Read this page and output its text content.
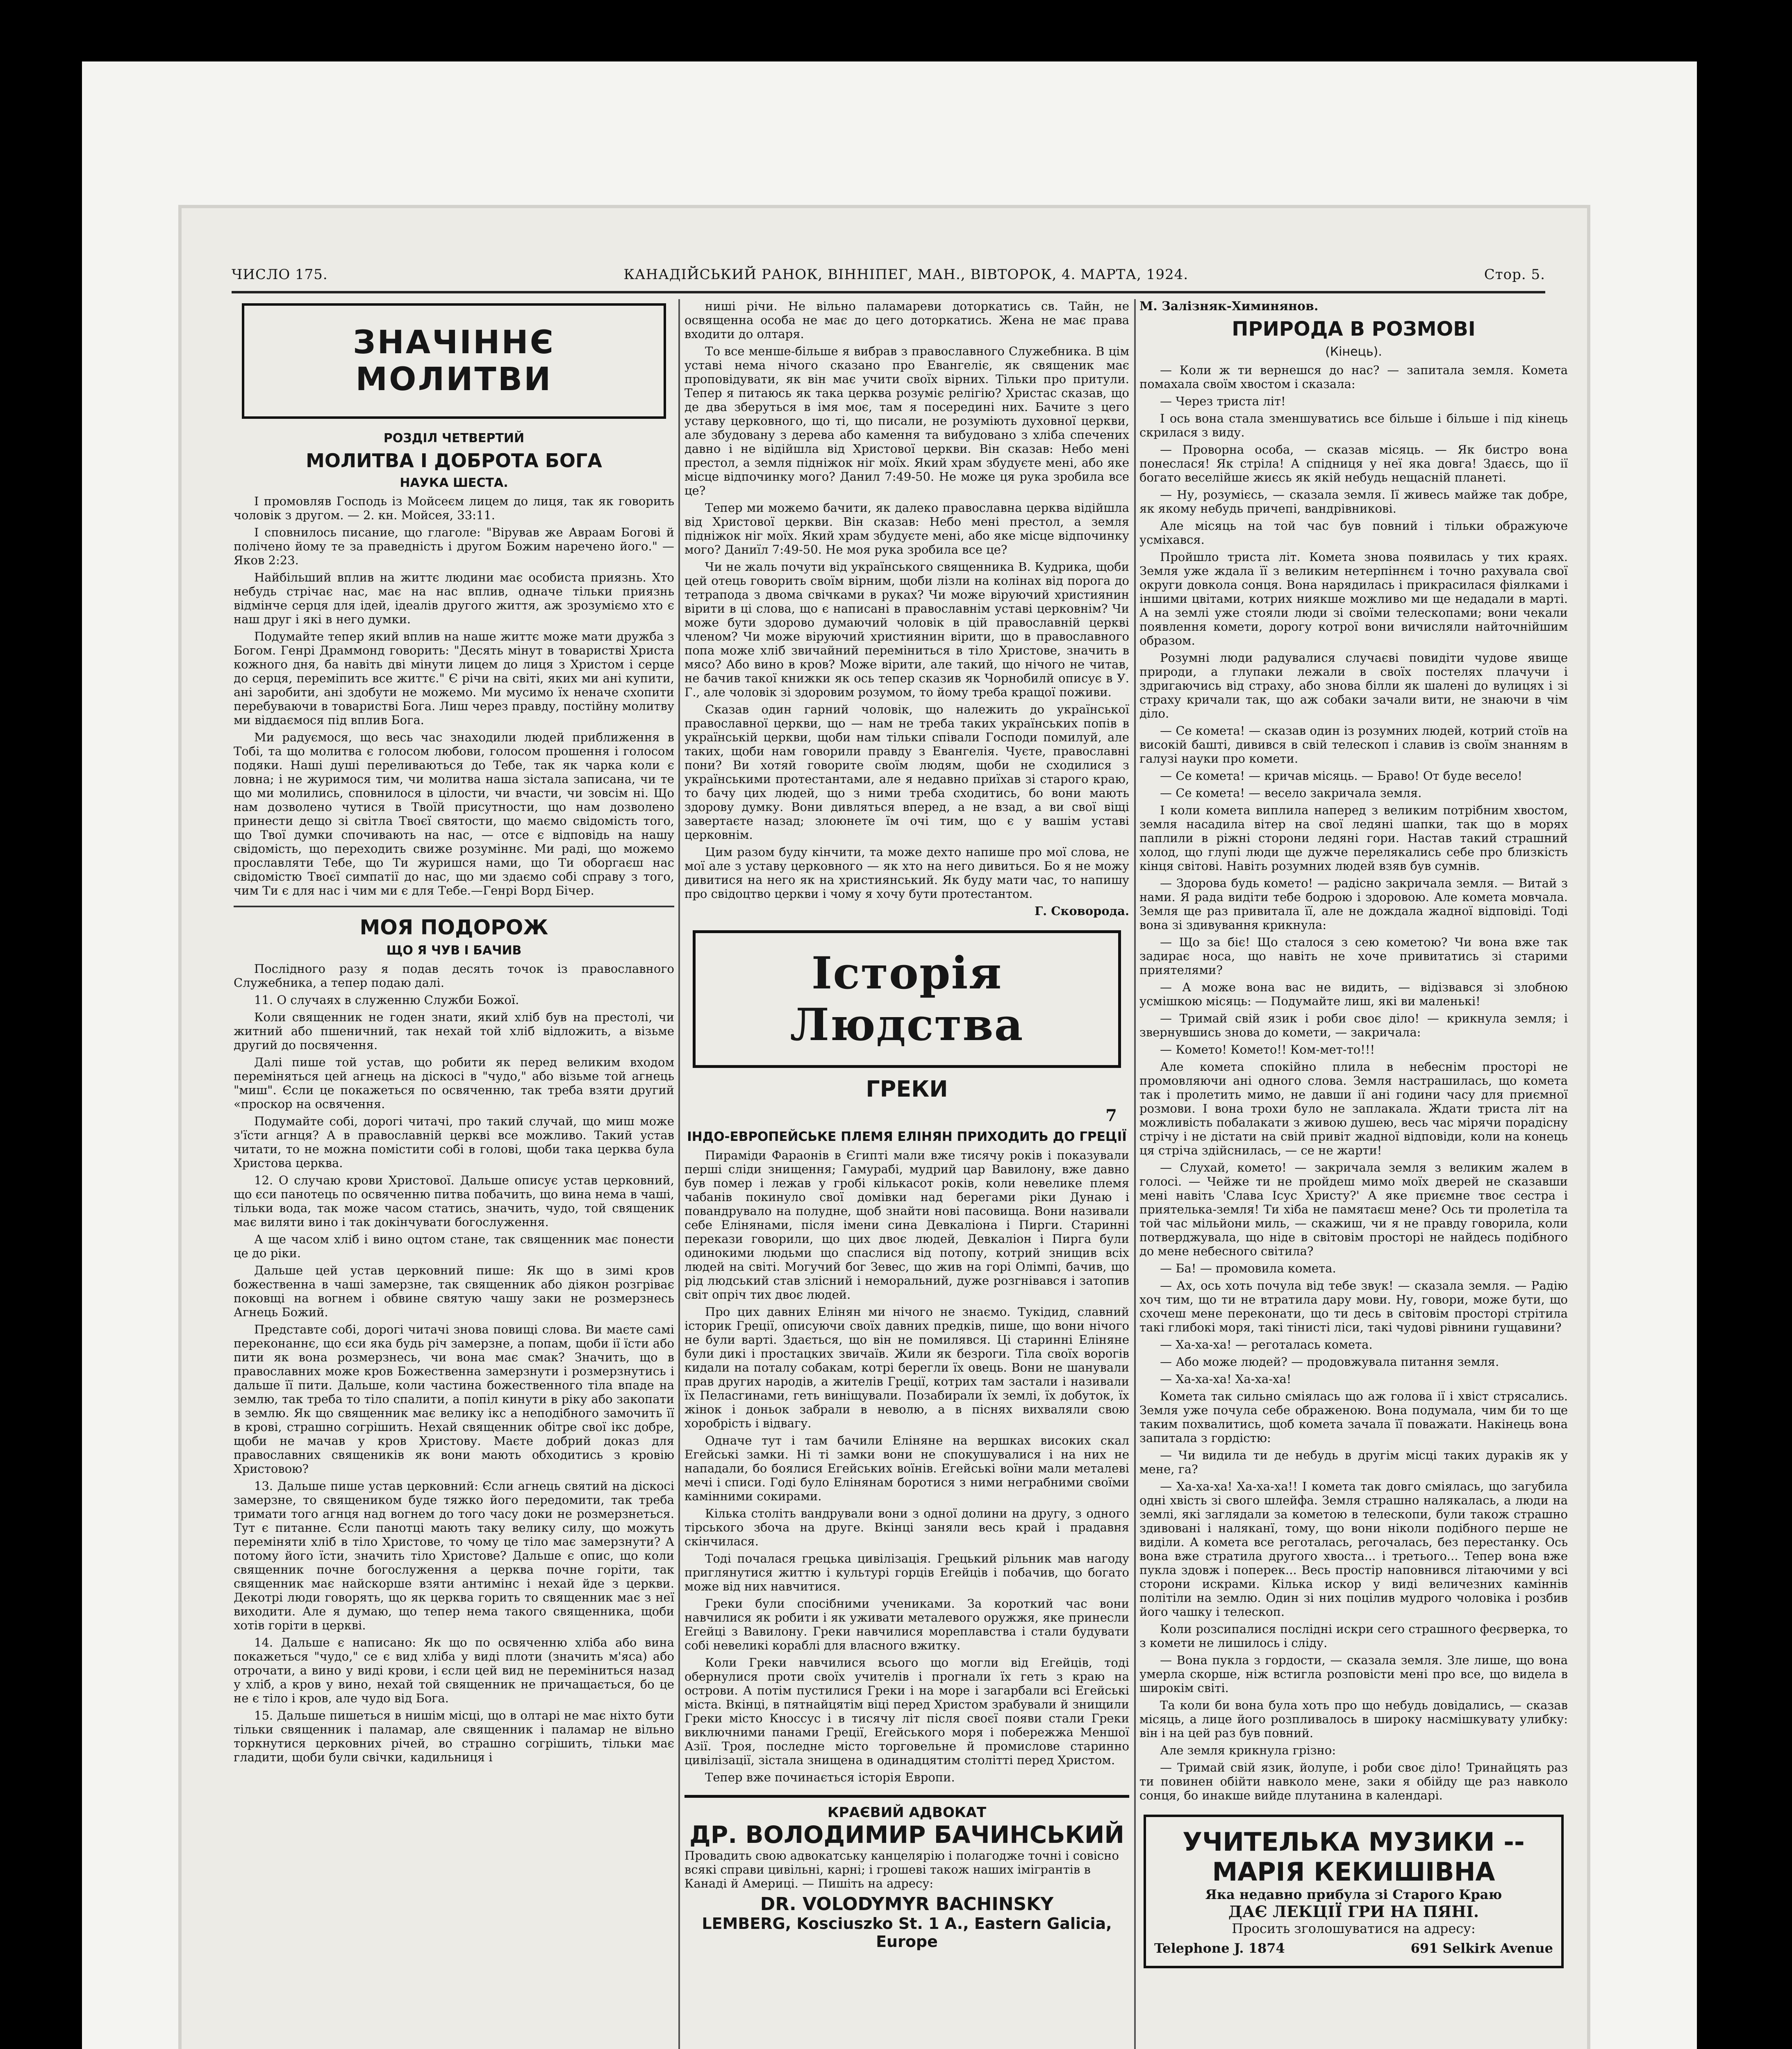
ЧИСЛО 175.	КАНАДІЙСЬКИЙ РАНОК, ВІННІПЕГ, МАН., ВІВТОРОК, 4. МАРТА, 1924.	Стор. 5.
ЗНАЧІННЄ МОЛИТВИ
РОЗДІЛ ЧЕТВЕРТИЙ
МОЛИТВА І ДОБРОТА БОГА
НАУКА ШЕСТА.

І промовляв Господь із Мойсеєм лицем до лиця, так як говорить чоловік з другом. — 2. кн. Мойсея, 33:11.

І сповнилось писание, що глаголе: "Вірував же Авраам Богові й полічено йому те за праведність і другом Божим наречено його." — Яков 2:23.

Найбільший вплив на життє людини має особиста приязнь. Хто небудь стрічає нас, має на нас вплив, одначе тільки приязнь відмінче серця для ідей, ідеалів другого життя, аж зрозуміємо хто є наш друг і які в него думки.

Подумайте тепер який вплив на наше життє може мати дружба з Богом. Генрі Драммонд говорить: "Десять мінут в товаристві Христа кожного дня, ба навіть дві мінути лицем до лиця з Христом і серце до серця, переміпить все життє." Є річи на світі, яких ми ані купити, ані заробити, ані здобути не можемо. Ми мусимо їх неначе схопити перебуваючи в товаристві Бога. Лиш через правду, постійну молитву ми віддаємося під вплив Бога.

Ми радуємося, що весь час знаходили людей приближення в Тобі, та що молитва є голосом любови, голосом прошення і голосом подяки. Наші душі переливаються до Тебе, так як чарка коли є ловна; і не журимося тим, чи молитва наша зістала записана, чи те що ми молились, сповнилося в цілости, чи вчасти, чи зовсім ні. Що нам дозволено чутися в Твоїй присутности, що нам дозволено принести дещо зі світла Твоєї святости, що маємо свідомість того, що Твої думки спочивають на нас, — отсе є відповідь на нашу свідомість, що переходить свиже розуміннє. Ми раді, що можемо прославляти Тебе, що Ти журишся нами, що Ти оборгаєш нас свідомістю Твоєї симпатії до нас, що ми здаємо собі справу з того, чим Ти є для нас і чим ми є для Тебе.—Генрі Ворд Бічер.

МОЯ ПОДОРОЖ
ЩО Я ЧУВ І БАЧИВ

Послідного разу я подав десять точок із православного Служебника, а тепер подаю далі.

11. О случаях в служенню Служби Божої.

Коли священник не годен знати, який хліб був на престолі, чи житний або пшеничний, так нехай той хліб відложить, а візьме другий до посвячення.

Далі пише той устав, що робити як перед великим входом переміняться цей агнець на діскосі в "чудо," або візьме той агнець "миш". Єсли це покажеться по освяченню, так треба взяти другий «проскор на освячення.

Подумайте собі, дорогі читачі, про такий случай, що миш може з'їсти агнця? А в православній церкві все можливо. Такий устав читати, то не можна помістити собі в голові, щоби така церква була Христова церква.

12. О случаю крови Христової. Дальше описує устав церковний, що єси панотець по освяченню питва побачить, що вина нема в чаші, тільки вода, так може часом статись, значить, чудо, той священик має виляти вино і так докінчувати богослуження.

А ще часом хліб і вино оцтом стане, так священник має понести це до ріки.

Дальше цей устав церковний пише: Як що в зимі кров божественна в чаші замерзне, так священник або діякон розгріває поковщі на вогнем і обвине святую чашу заки не розмерзнесь Агнець Божий.

Представте собі, дорогі читачі знова повищі слова. Ви маєте самі переконаннє, що єси яка будь річ замерзне, а попам, щоби ії їсти або пити як вона розмерзнесь, чи вона має смак? Значить, що в православних може кров Божественна замерзнути і розмерзнутись і дальше її пити. Дальше, коли частина божественного тіла впаде на землю, так треба то тіло спалити, а попіл кинути в ріку або закопати в землю. Як що священник має велику ікс а неподібного замочить її в крові, страшно согрішить. Нехай священник обітре свої ікс добре, щоби не мачав у кров Христову. Маєте добрий доказ для православних священиків як вони мають обходитись з кровію Христовою?

13. Дальше пише устав церковний: Єсли агнець святий на діскосі замерзне, то священиком буде тяжко його передомити, так треба тримати того агнця над вогнем до того часу доки не розмерзнеться. Тут є питанне. Єсли панотці мають таку велику силу, що можуть переміняти хліб в тіло Христове, то чому це тіло має замерзнути? А потому його їсти, значить тіло Христове? Дальше є опис, що коли священник почне богослуження а церква почне горіти, так священник має найскорше взяти антимінс і нехай йде з церкви. Декотрі люди говорять, що як церква горить то священник має з неї виходити. Але я думаю, що тепер нема такого священника, щоби хотів горіти в церкві.

14. Дальше є написано: Як що по освяченню хліба або вина покажеться "чудо," се є вид хліба у виді плоти (значить м'яса) або отрочати, а вино у виді крови, і єсли цей вид не переміниться назад у хліб, а кров у вино, нехай той священник не причащається, бо це не є тіло і кров, але чудо від Бога.

15. Дальше пишеться в нишім місці, що в олтарі не має ніхто бути тільки священник і паламар, але священник і паламар не вільно торкнутися церковних річей, во страшно согрішить, тільки має гладити, щоби були свічки, кадильниця і

ниші річи. Не вільно паламареви доторкатись св. Тайн, не освященна особа не має до цего доторкатись. Жена не має права входити до олтаря.

То все менше-більше я вибрав з православного Служебника. В цім уставі нема нічого сказано про Евангеліє, як священик має проповідувати, як він має учити своїх вірних. Тільки про притули. Тепер я питаюсь як така церква розуміє релігію? Христас сказав, що де два зберуться в імя моє, там я посередині них. Бачите з цего уставу церковного, що ті, що писали, не розуміють духовної церкви, але збудовану з дерева або камення та вибудовано з хліба спечених давно і не відійшла від Христової церкви. Він сказав: Небо мені престол, а земля підніжок ніг моїх. Який храм збудуєте мені, або яке місце відпочинку мого? Данил 7:49-50. Не може ця рука зробила все це?

Тепер ми можемо бачити, як далеко православна церква відійшла від Христової церкви. Він сказав: Небо мені престол, а земля підніжок ніг моїх. Який храм збудуєте мені, або яке місце відпочинку мого? Даниїл 7:49-50. Не моя рука зробила все це?

Чи не жаль почути від українського священника В. Кудрика, щоби цей отець говорить своїм вірним, щоби лізли на колінах від порога до тетрапода з двома свічками в руках? Чи може віруючий християнин вірити в ці слова, що є написані в православнім уставі церковнім? Чи може бути здорово думаючий чоловік в цій православній церкві членом? Чи може віруючий християнин вірити, що в православного попа може хліб звичайний переміниться в тіло Христове, значить в мясо? Або вино в кров? Може вірити, але такий, що нічого не читав, не бачив такої книжки як ось тепер сказив як Чорнобилй описує в У. Г., але чоловік зі здоровим розумом, то йому треба кращої поживи.

Сказав один гарний чоловік, що належить до української православної церкви, що — нам не треба таких українських попів в українській церкви, щоби нам тільки співали Господи помилуй, але таких, щоби нам говорили правду з Евангелія. Чуєте, православні пони? Ви хотяй говорите своїм людям, щоби не сходилися з українськими протестантами, але я недавно приїхав зі старого краю, то бачу цих людей, що з ними треба сходитись, бо вони мають здорову думку. Вони дивляться вперед, а не взад, а ви свої віщі завертаєте назад; злоюнете їм очі тим, що є у вашім уставі церковнім.

Цим разом буду кінчити, та може дехто напише про мої слова, не мої але з уставу церковного — як хто на него дивиться. Бо я не можу дивитися на него як на християнський. Як буду мати час, то напишу про свідоцтво церкви і чому я хочу бути протестантом.

Г. Сковорода.
Історія Людства
ГРЕКИ
7
ІНДО-ЕВРОПЕЙСЬКЕ ПЛЕМЯ ЕЛІНЯН ПРИХОДИТЬ ДО ГРЕЦІЇ

Пираміди Фараонів в Єгипті мали вже тисячу років і показували перші сліди знищення; Гамурабі, мудрий цар Вавилону, вже давно був помер і лежав у гробі кількасот років, коли невеликe племя чабанів покинуло свої домівки над берегами ріки Дунаю і повандрувало на полудне, щоб знайти нові пасовища. Вони називали себе Елінянами, після імени сина Девкаліона і Пирги. Старинні перекази говорили, що цих двоє людей, Девкаліон і Пирга були одинокими людьми що спаслися від потопу, котрий знищив всіх людей на світі. Могучий бог Зевес, що жив на горі Олімпі, бачив, що рід людський став злісний і неморальний, дуже розгнівався і затопив світ опріч тих двоє людей.

Про цих давних Елінян ми нічого не знаємо. Тукідид, славний історик Греції, описуючи своїх давних предків, пише, що вони нічого не були варті. Здається, що він не помилявся. Ці старинні Еліняне були дикі і простацких звичаїв. Жили як безроги. Тіла своїх ворогів кидали на поталу собакам, котрі берегли їх овець. Вони не шанували прав других народів, а жителів Греції, котрих там застали і називали їх Пеласгинами, геть виніщували. Позабирали їх землі, їх добуток, їх жінок і доньок забрали в неволю, а в піснях вихваляли свою хоробрість і відвагу.

Одначе тут і там бачили Еліняне на вершках високих скал Егейські замки. Ні ті замки вони не спокушувалися і на них не нападали, бо боялися Егейських воїнів. Егейські воїни мали металеві мечі і списи. Годі було Елінянам боротися з ними неграбними своїми камінними сокирами.

Кілька століть вандрували вони з одної долини на другу, з одного тірського збоча на друге. Вкінці заняли весь край і прадавня скінчилася.

Тоді почалася грецька цивілізація. Грецький рільник мав нагоду приглянутися життю і культурі горців Егейців і побачив, що богато може від них навчитися.

Греки були спосібними учениками. За короткий час вони навчилися як робити і як уживати металевого оружжя, яке принесли Егейці з Вавилону. Греки навчилися мореплавства і стали будувати собі невеликі кораблі для власного вжитку.

Коли Греки навчилися всього що могли від Егейців, тоді обернулися проти своїх учителів і прогнали їх геть з краю на острови. А потім пустилися Греки і на море і загарбали всі Егейські міста. Вкінці, в пятнайцятім віці перед Христом зрабували й знищили Греки місто Кноссус і в тисячу літ після своєї появи стали Греки виключними панами Греції, Егейського моря і побережжа Меншої Азії. Троя, последне місто торговельне й промислове старинно цивілізації, зістала знищена в одинадцятим столітті перед Христом.

Тепер вже починається історія Европи.

КРАЄВИЙ АДВОКАТ
ДР. ВОЛОДИМИР БАЧИНСЬКИЙ

Провадить свою адвокатську канцелярію і полагодже точні і совісно всякі справи цивільні, карні; і грошеві також наших імігрантів в Канаді й Америці. — Пишіть на адресу:

DR. VOLODYMYR BACHINSKY
LEMBERG, Kosciuszko St. 1 A., Eastern Galicia, Europe
М. Залізняк-Химинянов.
ПРИРОДА В РОЗМОВІ
(Кінець).

— Коли ж ти вернешся до нас? — запитала земля. Комета помахала своїм хвостом і сказала:

— Через триста літ!

І ось вона стала зменшуватись все більше і більше і під кінець скрилася з виду.

— Проворна особа, — сказав місяць. — Як бистро вона понеслася! Як стріла! А спідниця у неї яка довга! Здаєсь, що ії богато веселійше жиєсь як якій небудь нещасній планеті.

— Ну, розумієсь, — сказала земля. Ії живесь майже так добре, як якому небудь причепі, вандрівникові.

Але місяць на той час був повний і тільки ображуюче усміхався.

Пройшло триста літ. Комета знова появилась у тих краях. Земля уже ждала її з великим нетерпіннєм і точно рахувала свої округи довкола сонця. Вона нарядилась і прикрасилася фіялками і іншими цвітами, котрих ниякше можливо ми ще недадали в марті. А на землі уже стояли люди зі своїми телескопами; вони чекали появлення комети, дорогу котрої вони вичисляли найточнійшим образом.

Розумні люди радувалися случаєві повидіти чудове явище природи, а глупаки лежали в своїх постелях плачучи і здригаючись від страху, або знова білли як шалені до вулицях і зі страху кричали так, що аж собаки зачали вити, не знаючи в чім діло.

— Се комета! — сказав один із розумних людей, котрий стоїв на високій башті, дивився в свій телескоп і славив із своїм знанням в галузі науки про комети.

— Се комета! — кричав місяць. — Браво! От буде весело!

— Се комета! — весело закричала земля.

І коли комета виплила наперед з великим потрібним хвостом, земля насадила вітер на свої ледяні шапки, так що в морях паплили в ріжні сторони ледяні гори. Настав такий страшний холод, що глупі люди ще дужче перелякались себе про близкість кінця світові. Навіть розумних людей взяв був сумнів.

— Здорова будь комето! — радісно закричала земля. — Витай з нами. Я рада видіти тебе бодрою і здоровою. Але комета мовчала. Земля ще раз привитала її, але не дождала жадної відповіді. Тоді вона зі здивування крикнула:

— Що за біє! Що сталося з сею кометою? Чи вона вже так задирає носа, що навіть не хоче привитатись зі старими приятелями?

— А може вона вас не видить, — відізвався зі злобною усмішкою місяць: — Подумайте лиш, які ви маленькі!

— Тримай свій язик і роби своє діло! — крикнула земля; і звернувшись знова до комети, — закричала:

— Комето! Комето!! Ком-мет-то!!!

Але комета спокійно плила в небеснім просторі не промовляючи ані одного слова. Земля настрашилась, що комета так і пролетить мимо, не давши ії ані години часу для приємної розмови. І вона трохи було не заплакала. Ждати триста літ на можливість побалакати з живою душею, весь час мірячи порадісну стрічу і не дістати на свій привіт жадної відповіди, коли на конець ця стріча здійснилась, — се не жарти!

— Слухай, комето! — закричала земля з великим жалем в голосі. — Чейже ти не пройдеш мимо моїх дверей не сказавши мені навіть 'Слава Ісус Христу?' А яке приємне твоє сестра і приятелька-земля! Ти хіба не памятаєш мене? Ось ти пролетіла та той час мільйони миль, — скажиш, чи я не правду говорила, коли потверджувала, що ніде в світовім просторі не найдесь подібного до мене небесного світила?

— Ба! — промовила комета.

— Ах, ось хоть почула від тебе звук! — сказала земля. — Радію хоч тим, що ти не втратила дару мови. Ну, говори, може бути, що схочеш мене переконати, що ти десь в світовім просторі стрітила такі глибокі моря, такі тінисті ліси, такі чудові рівнини гущавини?

— Ха-ха-ха! — реготалась комета.

— Або може людей? — продовжувала питання земля.

— Ха-ха-ха! Ха-ха-ха!

Комета так сильно сміялась що аж голова ії і хвіст стрясались. Земля уже почула себе ображеною. Вона подумала, чим би то ще таким похвалитись, щоб комета зачала її поважати. Накінець вона запитала з гордістю:

— Чи видила ти де небудь в другім місці таких дураків як у мене, га?

— Ха-ха-ха! Ха-ха-ха!! І комета так довго сміялась, що загубила одні хвість зі свого шлейфа. Земля страшно налякалась, а люди на землі, які заглядали за кометою в телескопи, були також страшно здивовані і наляканї, тому, що вони ніколи подібного перше не виділи. А комета все реготалась, регочалась, без перестанку. Ось вона вже стратила другого хвоста... і третього... Тепер вона вже пукла здовж і поперек... Весь простір наповнився літаючими у всі сторони искрами. Кілька искор у виді величезних каміннів політіли на землю. Один зі них поцілив мудрого чоловіка і розбив його чашку і телескоп.

Коли розсипалися послідні искри сего страшного феєрверка, то з комети не лишилось і сліду.

— Вона пукла з гордости, — сказала земля. Зле лише, що вона умерла скорше, ніж встигла розповісти мені про все, що видела в широкім світі.

Та коли би вона була хоть про що небудь довідались, — сказав місяць, а лице його розпливалось в широку насмішкувату улибку: він і на цей раз був повний.

Але земля крикнула грізно:

— Тримай свій язик, йолупе, і роби своє діло! Тринайцять раз ти повинен обійти навколо мене, заки я обійду ще раз навколо сонця, бо инакше вийде плутанина в календарі.

УЧИТЕЛЬКА МУЗИКИ -- МАРІЯ КЕКИШІВНА
Яка недавно прибула зі Старого Краю
ДАЄ ЛЕКЦІЇ ГРИ НА ПЯНІ.
Просить зголошуватися на адресу:
Telephone J. 1874	691 Selkirk Avenue
